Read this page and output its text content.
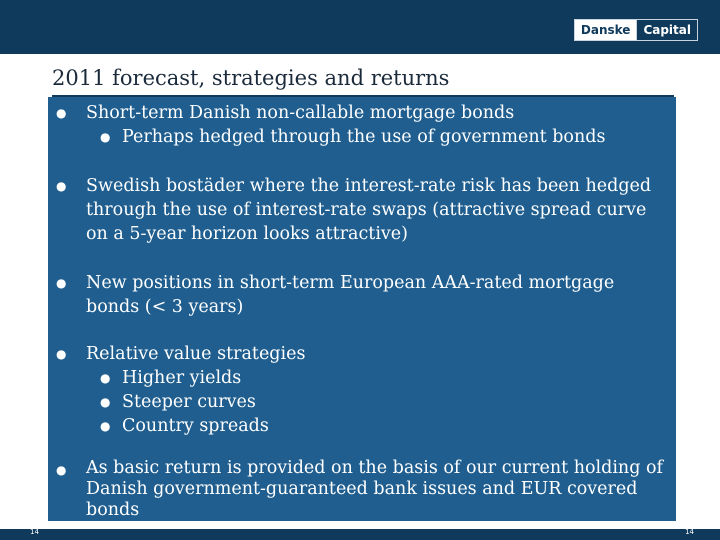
Danske	Capital
2011 forecast, strategies and returns
● Short-term Danish non-callable mortgage bonds
● Perhaps hedged through the use of government bonds
● Swedish bostäder where the interest-rate risk has been hedged through the use of interest-rate swaps (attractive spread curve on a 5-year horizon looks attractive)
● New positions in short-term European AAA-rated mortgage bonds (< 3 years)
● Relative value strategies
● Higher yields
● Steeper curves
● Country spreads
● As basic return is provided on the basis of our current holding of Danish government-guaranteed bank issues and EUR covered bonds
14	14
